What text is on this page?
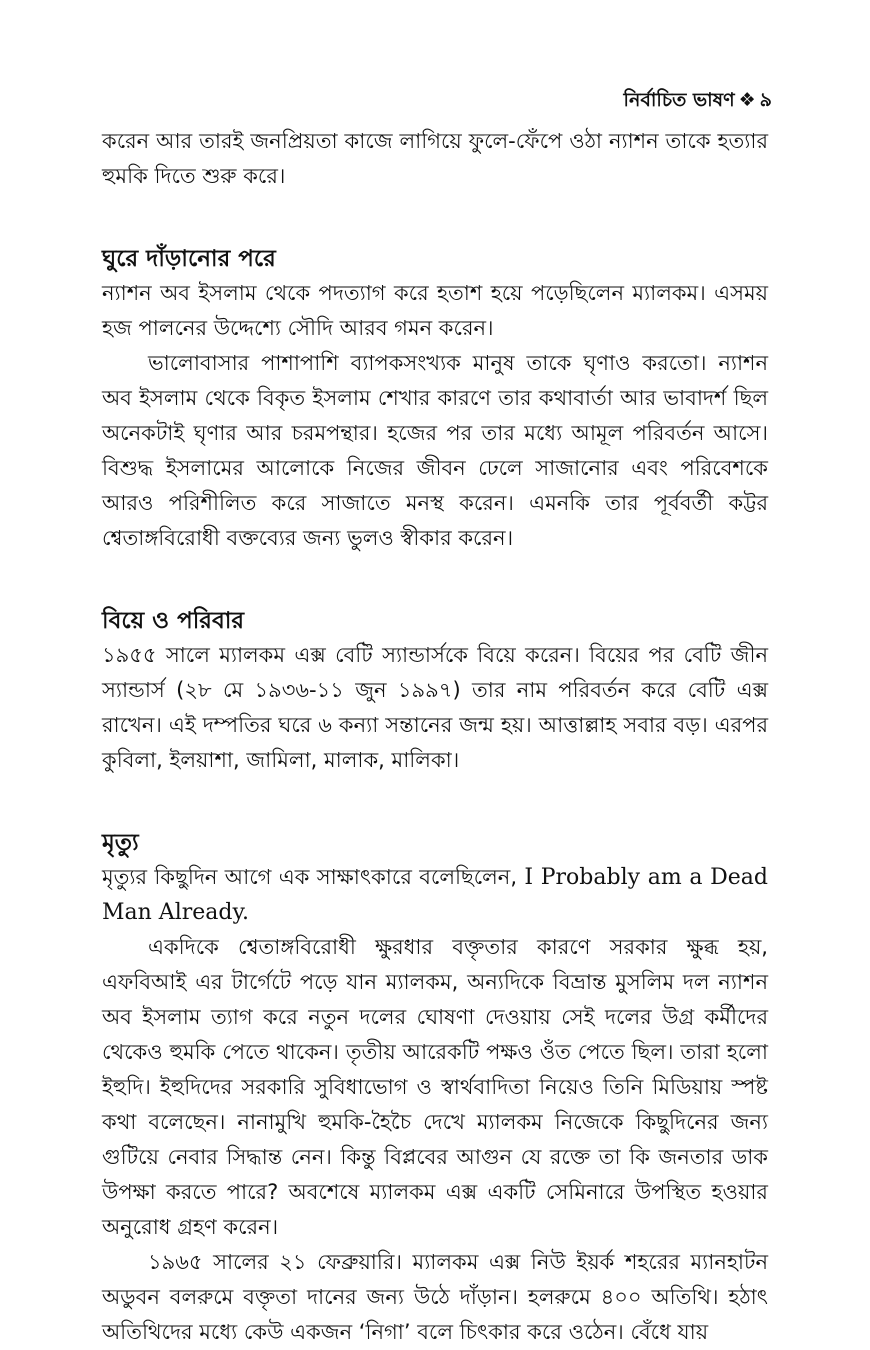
নির্বাচিত ভাষণ ❖ ৯

করেন আর তারই জনপ্রিয়তা কাজে লাগিয়ে ফুলে-ফেঁপে ওঠা ন্যাশন তাকে হত্যার হুমকি দিতে শুরু করে।

ঘুরে দাঁড়ানোর পরে

ন্যাশন অব ইসলাম থেকে পদত্যাগ করে হতাশ হয়ে পড়েছিলেন ম্যালকম। এসময় হজ পালনের উদ্দেশ্যে সৌদি আরব গমন করেন।

ভালোবাসার পাশাপাশি ব্যাপকসংখ্যক মানুষ তাকে ঘৃণাও করতো। ন্যাশন অব ইসলাম থেকে বিকৃত ইসলাম শেখার কারণে তার কথাবার্তা আর ভাবাদর্শ ছিল অনেকটাই ঘৃণার আর চরমপন্থার। হজের পর তার মধ্যে আমূল পরিবর্তন আসে। বিশুদ্ধ ইসলামের আলোকে নিজের জীবন ঢেলে সাজানোর এবং পরিবেশকে আরও পরিশীলিত করে সাজাতে মনস্থ করেন। এমনকি তার পূর্ববর্তী কট্টর শ্বেতাঙ্গবিরোধী বক্তব্যের জন্য ভুলও স্বীকার করেন।

বিয়ে ও পরিবার

১৯৫৫ সালে ম্যালকম এক্স বেটি স্যান্ডার্সকে বিয়ে করেন। বিয়ের পর বেটি জীন স্যান্ডার্স (২৮ মে ১৯৩৬-১১ জুন ১৯৯৭) তার নাম পরিবর্তন করে বেটি এক্স রাখেন। এই দম্পতির ঘরে ৬ কন্যা সন্তানের জন্ম হয়। আত্তাল্লাহ সবার বড়। এরপর কুবিলা, ইলয়াশা, জামিলা, মালাক, মালিকা।

মৃত্যু

মৃত্যুর কিছুদিন আগে এক সাক্ষাৎকারে বলেছিলেন, I Probably am a Dead Man Already.

একদিকে শ্বেতাঙ্গবিরোধী ক্ষুরধার বক্তৃতার কারণে সরকার ক্ষুব্ধ হয়, এফবিআই এর টার্গেটে পড়ে যান ম্যালকম, অন্যদিকে বিভ্রান্ত মুসলিম দল ন্যাশন অব ইসলাম ত্যাগ করে নতুন দলের ঘোষণা দেওয়ায় সেই দলের উগ্র কর্মীদের থেকেও হুমকি পেতে থাকেন। তৃতীয় আরেকটি পক্ষও ওঁত পেতে ছিল। তারা হলো ইহুদি। ইহুদিদের সরকারি সুবিধাভোগ ও স্বার্থবাদিতা নিয়েও তিনি মিডিয়ায় স্পষ্ট কথা বলেছেন। নানামুখি হুমকি-হৈচৈ দেখে ম্যালকম নিজেকে কিছুদিনের জন্য গুটিয়ে নেবার সিদ্ধান্ত নেন। কিন্তু বিপ্লবের আগুন যে রক্তে তা কি জনতার ডাক উপক্ষা করতে পারে? অবশেষে ম্যালকম এক্স একটি সেমিনারে উপস্থিত হওয়ার অনুরোধ গ্রহণ করেন।

১৯৬৫ সালের ২১ ফেব্রুয়ারি। ম্যালকম এক্স নিউ ইয়র্ক শহরের ম্যানহাটন অডুবন বলরুমে বক্তৃতা দানের জন্য উঠে দাঁড়ান। হলরুমে ৪০০ অতিথি। হঠাৎ অতিথিদের মধ্যে কেউ একজন ‘নিগা’ বলে চিৎকার করে ওঠেন। বেঁধে যায়
